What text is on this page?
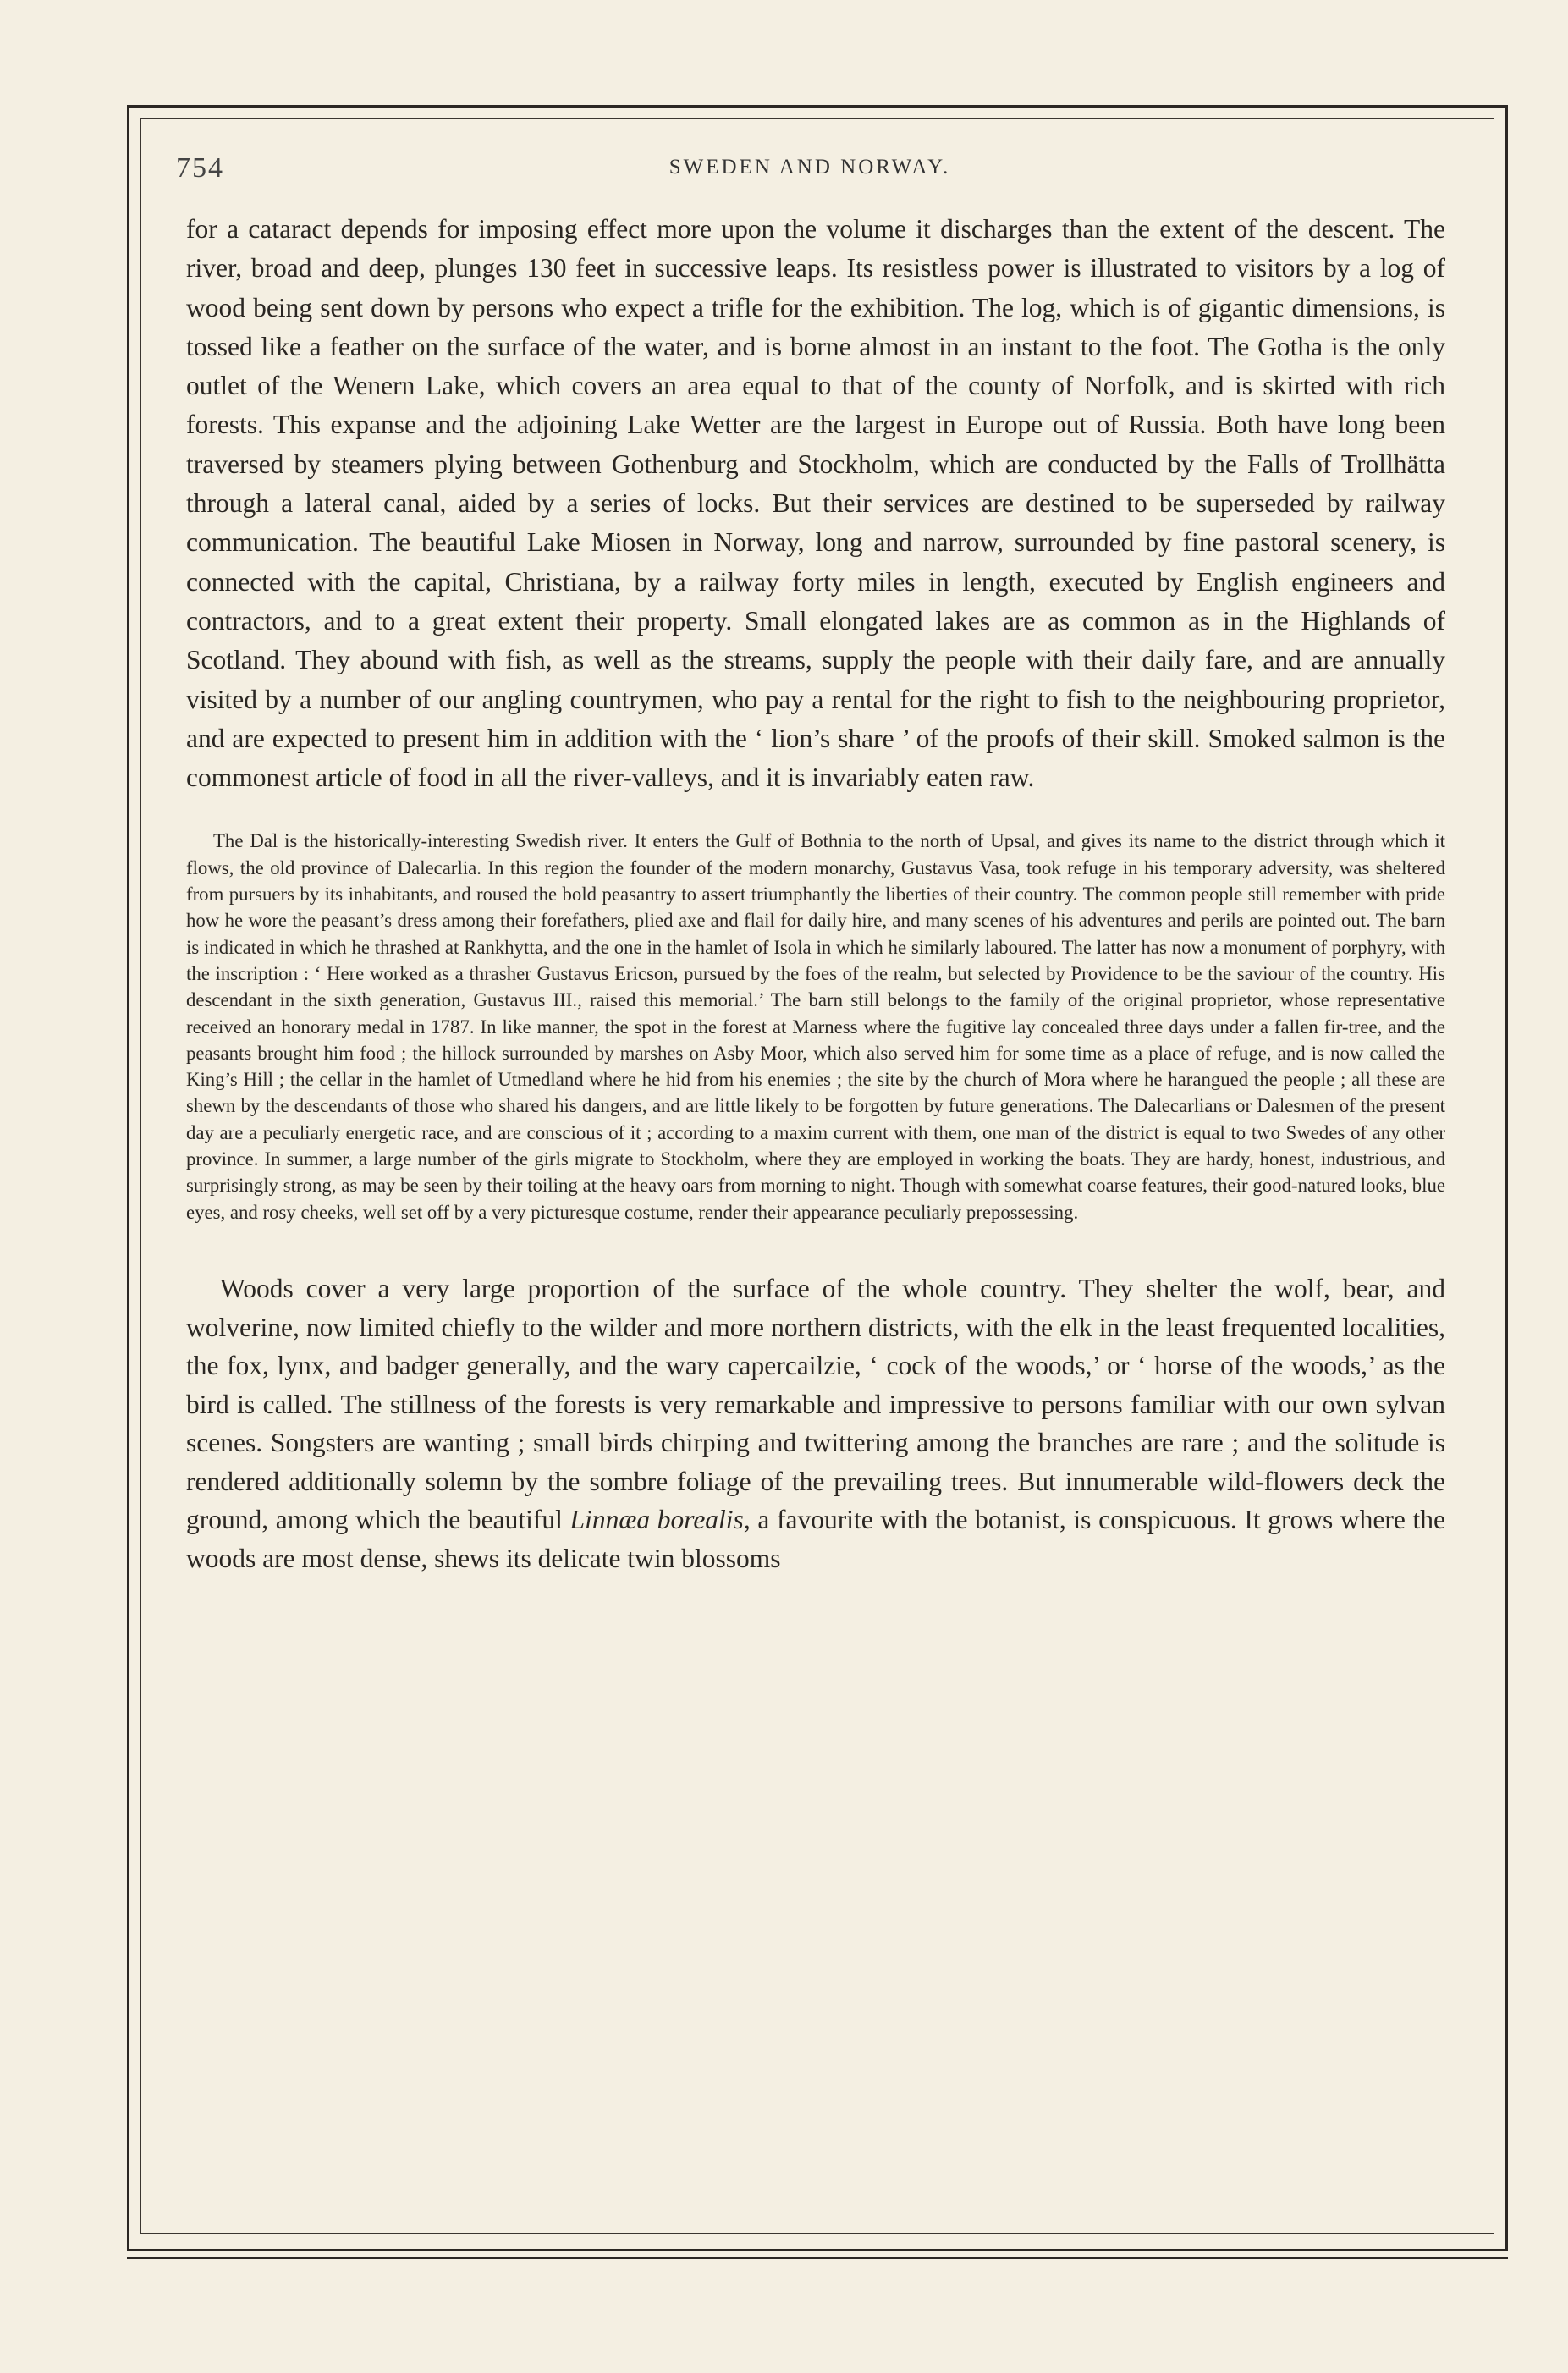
754	SWEDEN AND NORWAY.

for a cataract depends for imposing effect more upon the volume it discharges than the extent of the descent. The river, broad and deep, plunges 130 feet in successive leaps. Its resistless power is illustrated to visitors by a log of wood being sent down by persons who expect a trifle for the exhibition. The log, which is of gigantic dimensions, is tossed like a feather on the surface of the water, and is borne almost in an instant to the foot. The Gotha is the only outlet of the Wenern Lake, which covers an area equal to that of the county of Norfolk, and is skirted with rich forests. This expanse and the adjoining Lake Wetter are the largest in Europe out of Russia. Both have long been traversed by steamers plying between Gothenburg and Stockholm, which are conducted by the Falls of Trollhätta through a lateral canal, aided by a series of locks. But their services are destined to be superseded by railway communication. The beautiful Lake Miosen in Norway, long and narrow, surrounded by fine pastoral scenery, is connected with the capital, Christiana, by a railway forty miles in length, executed by English engineers and contractors, and to a great extent their property. Small elongated lakes are as common as in the Highlands of Scotland. They abound with fish, as well as the streams, supply the people with their daily fare, and are annually visited by a number of our angling countrymen, who pay a rental for the right to fish to the neighbouring proprietor, and are expected to present him in addition with the ‘ lion’s share ’ of the proofs of their skill. Smoked salmon is the commonest article of food in all the river-valleys, and it is invariably eaten raw.

The Dal is the historically-interesting Swedish river. It enters the Gulf of Bothnia to the north of Upsal, and gives its name to the district through which it flows, the old province of Dalecarlia. In this region the founder of the modern monarchy, Gustavus Vasa, took refuge in his temporary adversity, was sheltered from pursuers by its inhabitants, and roused the bold peasantry to assert triumphantly the liberties of their country. The common people still remember with pride how he wore the peasant’s dress among their forefathers, plied axe and flail for daily hire, and many scenes of his adventures and perils are pointed out. The barn is indicated in which he thrashed at Rankhytta, and the one in the hamlet of Isola in which he similarly laboured. The latter has now a monument of porphyry, with the inscription : ‘ Here worked as a thrasher Gustavus Ericson, pursued by the foes of the realm, but selected by Providence to be the saviour of the country. His descendant in the sixth generation, Gustavus III., raised this memorial.’ The barn still belongs to the family of the original proprietor, whose representative received an honorary medal in 1787. In like manner, the spot in the forest at Marness where the fugitive lay concealed three days under a fallen fir-tree, and the peasants brought him food ; the hillock surrounded by marshes on Asby Moor, which also served him for some time as a place of refuge, and is now called the King’s Hill ; the cellar in the hamlet of Utmedland where he hid from his enemies ; the site by the church of Mora where he harangued the people ; all these are shewn by the descendants of those who shared his dangers, and are little likely to be forgotten by future generations. The Dalecarlians or Dalesmen of the present day are a peculiarly energetic race, and are conscious of it ; according to a maxim current with them, one man of the district is equal to two Swedes of any other province. In summer, a large number of the girls migrate to Stockholm, where they are employed in working the boats. They are hardy, honest, industrious, and surprisingly strong, as may be seen by their toiling at the heavy oars from morning to night. Though with somewhat coarse features, their good-natured looks, blue eyes, and rosy cheeks, well set off by a very picturesque costume, render their appearance peculiarly prepossessing.

Woods cover a very large proportion of the surface of the whole country. They shelter the wolf, bear, and wolverine, now limited chiefly to the wilder and more northern districts, with the elk in the least frequented localities, the fox, lynx, and badger generally, and the wary capercailzie, ‘ cock of the woods,’ or ‘ horse of the woods,’ as the bird is called. The stillness of the forests is very remarkable and impressive to persons familiar with our own sylvan scenes. Songsters are wanting ; small birds chirping and twittering among the branches are rare ; and the solitude is rendered additionally solemn by the sombre foliage of the prevailing trees. But innumerable wild-flowers deck the ground, among which the beautiful Linnæa borealis, a favourite with the botanist, is conspicuous. It grows where the woods are most dense, shews its delicate twin blossoms
